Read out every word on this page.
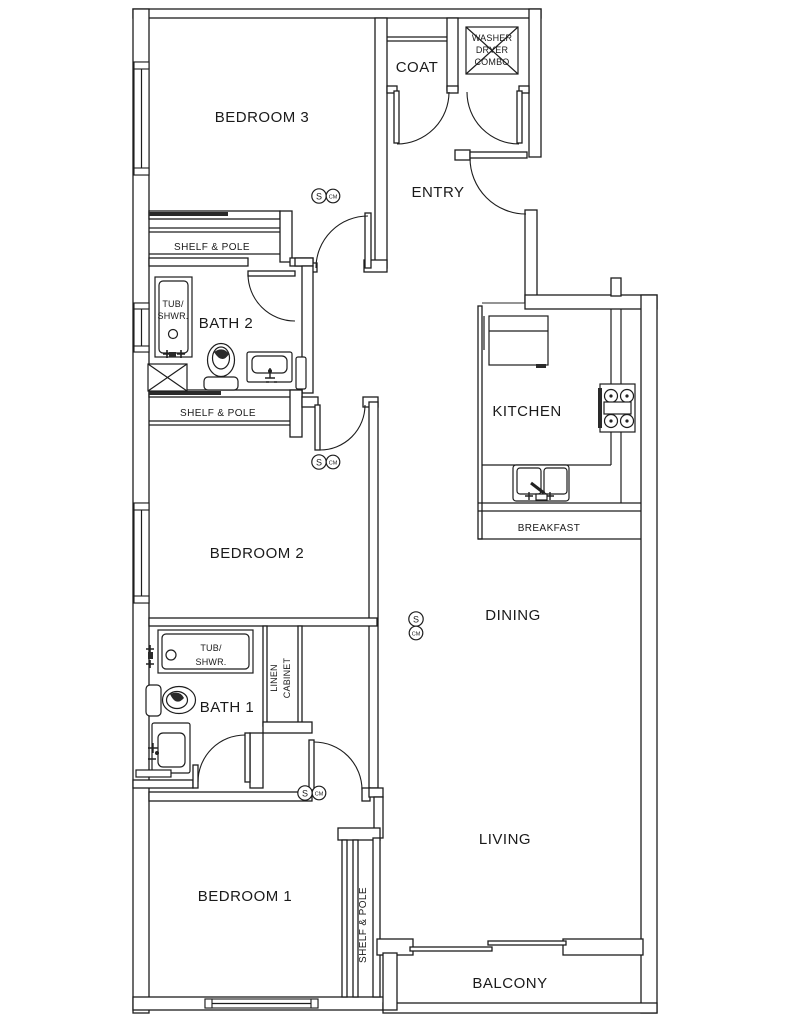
WASHER
DRYER
COMBO
S CM
S CM
S
CM
S CM
BEDROOM 3
COAT
ENTRY
BATH 2
KITCHEN
BREAKFAST
BEDROOM 2
DINING
BATH 1
LIVING
BEDROOM 1
BALCONY
SHELF & POLE
SHELF & POLE
SHELF & POLE
TUB/
SHWR.
TUB/
SHWR.
LINEN CABINET
